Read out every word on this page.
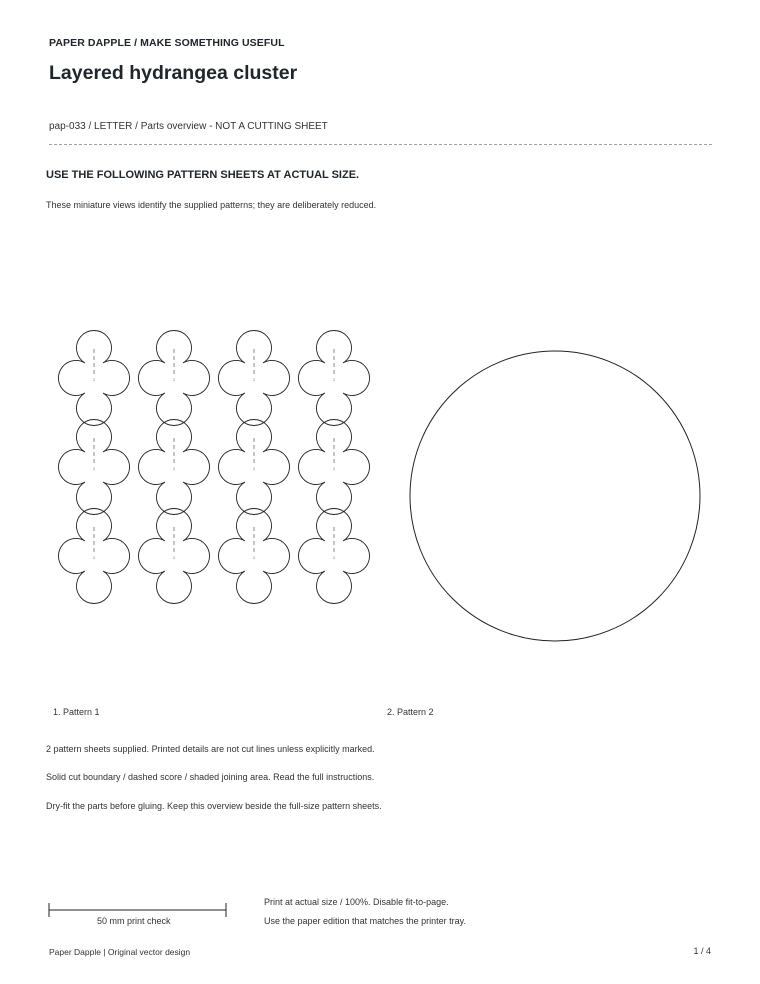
PAPER DAPPLE / MAKE SOMETHING USEFUL
Layered hydrangea cluster
pap-033 / LETTER / Parts overview - NOT A CUTTING SHEET
USE THE FOLLOWING PATTERN SHEETS AT ACTUAL SIZE.
These miniature views identify the supplied patterns; they are deliberately reduced.
2	2	2	2
2	2	2	2
2	2	2	2
1. Pattern 1	2. Pattern 2
2 pattern sheets supplied. Printed details are not cut lines unless explicitly marked.
Solid cut boundary / dashed score / shaded joining area. Read the full instructions.
Dry-fit the parts before gluing. Keep this overview beside the full-size pattern sheets.
50 mm print check
Print at actual size / 100%. Disable fit-to-page.
Use the paper edition that matches the printer tray.
Paper Dapple | Original vector design	1 / 4
